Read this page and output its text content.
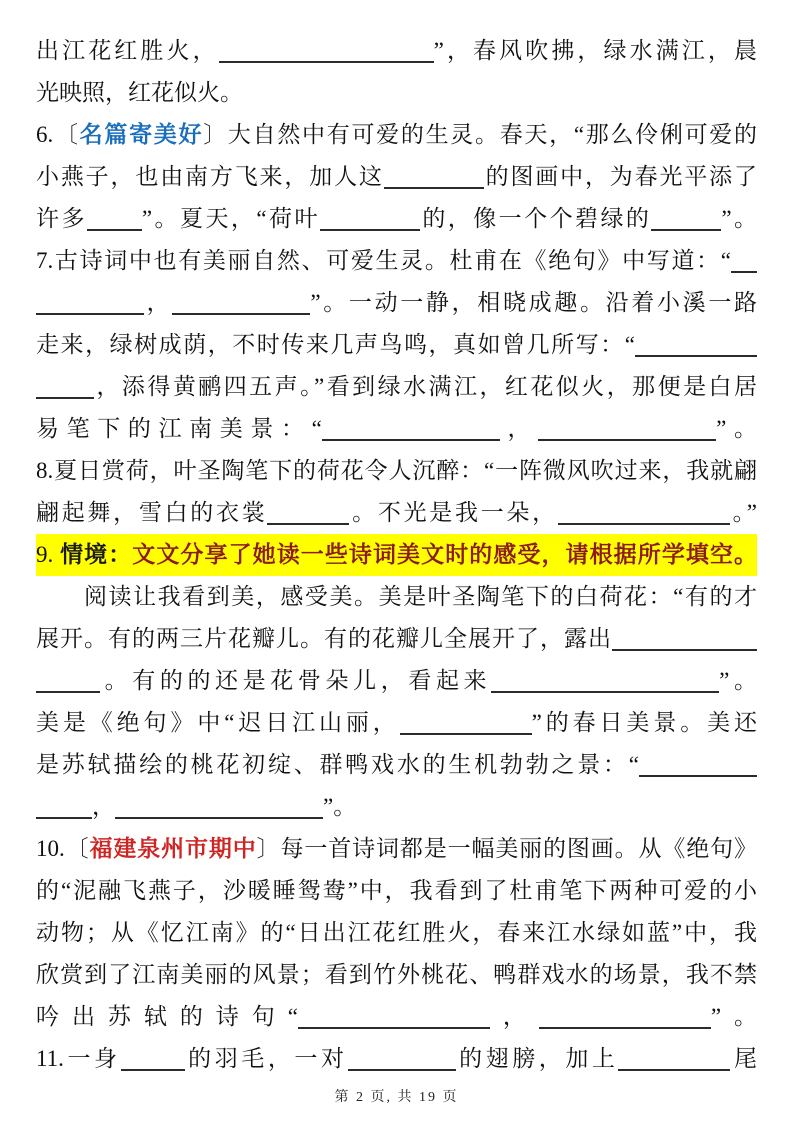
出江花红胜火，	”，春风吹拂，绿水满江，晨
光映照，红花似火。
6.〔名篇寄美好〕大自然中有可爱的生灵。春天，“那么伶俐可爱的
小燕子，也由南方飞来，加人这	的图画中，为春光平添了
许多 ”。夏天，“荷叶	的，像一个个碧绿的	”。
7.古诗词中也有美丽自然、可爱生灵。杜甫在《绝句》中写道：“
，	”。一动一静，相晓成趣。沿着小溪一路
走来，绿树成荫，不时传来几声鸟鸣，真如曾几所写：“
，添得黄鹂四五声。”看到绿水满江，红花似火，那便是白居
易笔下的江南美景：“	，	”。
8.夏日赏荷，叶圣陶笔下的荷花令人沉醉：“一阵微风吹过来，我就翩
翩起舞，雪白的衣裳	。不光是我一朵，	。”
9. 情境：文文分享了她读一些诗词美文时的感受，请根据所学填空。
阅读让我看到美，感受美。美是叶圣陶笔下的白荷花：“有的才
展开。有的两三片花瓣儿。有的花瓣儿全展开了，露出
。有的的还是花骨朵儿，看起来	”。
美是《绝句》中“迟日江山丽，	”的春日美景。美还
是苏轼描绘的桃花初绽、群鸭戏水的生机勃勃之景：“
，	”。
10.〔福建泉州市期中〕每一首诗词都是一幅美丽的图画。从《绝句》
的“泥融飞燕子，沙暖睡鸳鸯”中，我看到了杜甫笔下两种可爱的小
动物；从《忆江南》的“日出江花红胜火，春来江水绿如蓝”中，我
欣赏到了江南美丽的风景；看到竹外桃花、鸭群戏水的场景，我不禁
吟出苏轼的诗句“	，	”。
11.一身	的羽毛，一对	的翅膀，加上	尾
第 2 页, 共 19 页
